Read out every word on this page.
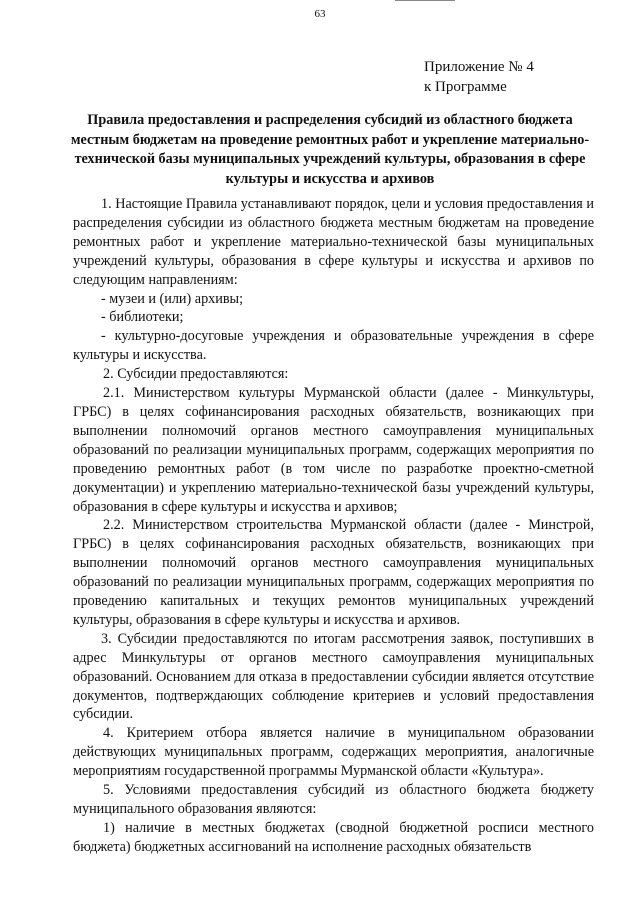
63
Приложение № 4
к Программе
Правила предоставления и распределения субсидий из областного бюджета местным бюджетам на проведение ремонтных работ и укрепление материально-технической базы муниципальных учреждений культуры, образования в сфере культуры и искусства и архивов

1. Настоящие Правила устанавливают порядок, цели и условия предоставления и распределения субсидии из областного бюджета местным бюджетам на проведение ремонтных работ и укрепление материально-технической базы муниципальных учреждений культуры, образования в сфере культуры и искусства и архивов по следующим направлениям:

- музеи и (или) архивы;

- библиотеки;

- культурно-досуговые учреждения и образовательные учреждения в сфере культуры и искусства.

2. Субсидии предоставляются:

2.1. Министерством культуры Мурманской области (далее - Минкультуры, ГРБС) в целях софинансирования расходных обязательств, возникающих при выполнении полномочий органов местного самоуправления муниципальных образований по реализации муниципальных программ, содержащих мероприятия по проведению ремонтных работ (в том числе по разработке проектно-сметной документации) и укреплению материально-технической базы учреждений культуры, образования в сфере культуры и искусства и архивов;

2.2. Министерством строительства Мурманской области (далее - Минстрой, ГРБС) в целях софинансирования расходных обязательств, возникающих при выполнении полномочий органов местного самоуправления муниципальных образований по реализации муниципальных программ, содержащих мероприятия по проведению капитальных и текущих ремонтов муниципальных учреждений культуры, образования в сфере культуры и искусства и архивов.

3. Субсидии предоставляются по итогам рассмотрения заявок, поступивших в адрес Минкультуры от органов местного самоуправления муниципальных образований. Основанием для отказа в предоставлении субсидии является отсутствие документов, подтверждающих соблюдение критериев и условий предоставления субсидии.

4. Критерием отбора является наличие в муниципальном образовании действующих муниципальных программ, содержащих мероприятия, аналогичные мероприятиям государственной программы Мурманской области «Культура».

5. Условиями предоставления субсидий из областного бюджета бюджету муниципального образования являются:

1) наличие в местных бюджетах (сводной бюджетной росписи местного бюджета) бюджетных ассигнований на исполнение расходных обязательств
